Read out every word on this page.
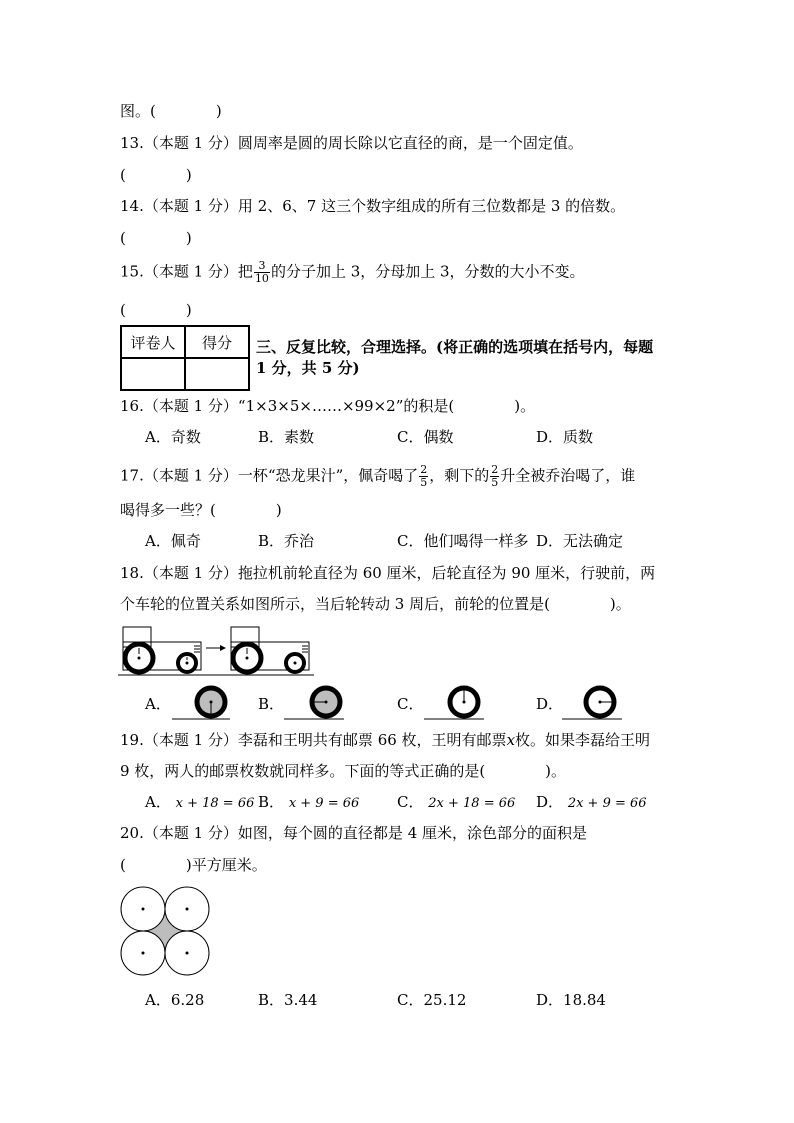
图。(　　　　)
13.（本题 1 分）圆周率是圆的周长除以它直径的商，是一个固定值。
(　　　　)
14.（本题 1 分）用 2、6、7 这三个数字组成的所有三位数都是 3 的倍数。
(　　　　)
15.（本题 1 分）把 $\frac{3}{10}$ 的分子加上 3，分母加上 3，分数的大小不变。
(　　　　)
评卷人	得分
	三、反复比较，合理选择。(将正确的选项填在括号内，每题
1 分，共 5 分)
16.（本题 1 分）“1×3×5×……×99×2”的积是(　　　　)。
A．奇数	B．素数	C．偶数	D．质数
17.（本题 1 分）一杯“恐龙果汁”，佩奇喝了 $\frac{2}{5}$ ，剩下的 $\frac{2}{5}$ 升全被乔治喝了，谁
喝得多一些？(　　　　)
A．佩奇	B．乔治	C．他们喝得一样多 D．无法确定
18.（本题 1 分）拖拉机前轮直径为 60 厘米，后轮直径为 90 厘米，行驶前，两
个车轮的位置关系如图所示，当后轮转动 3 周后，前轮的位置是(　　　　)。
A．	B．	C．	D．
19.（本题 1 分）李磊和王明共有邮票 66 枚，王明有邮票x枚。如果李磊给王明
9 枚，两人的邮票枚数就同样多。下面的等式正确的是(　　　　)。
A． x + 18 = 66 B． x + 9 = 66	C． 2x + 18 = 66 D． 2x + 9 = 66
20.（本题 1 分）如图，每个圆的直径都是 4 厘米，涂色部分的面积是
(　　　　)平方厘米。
A．6.28	B．3.44	C．25.12	D．18.84
